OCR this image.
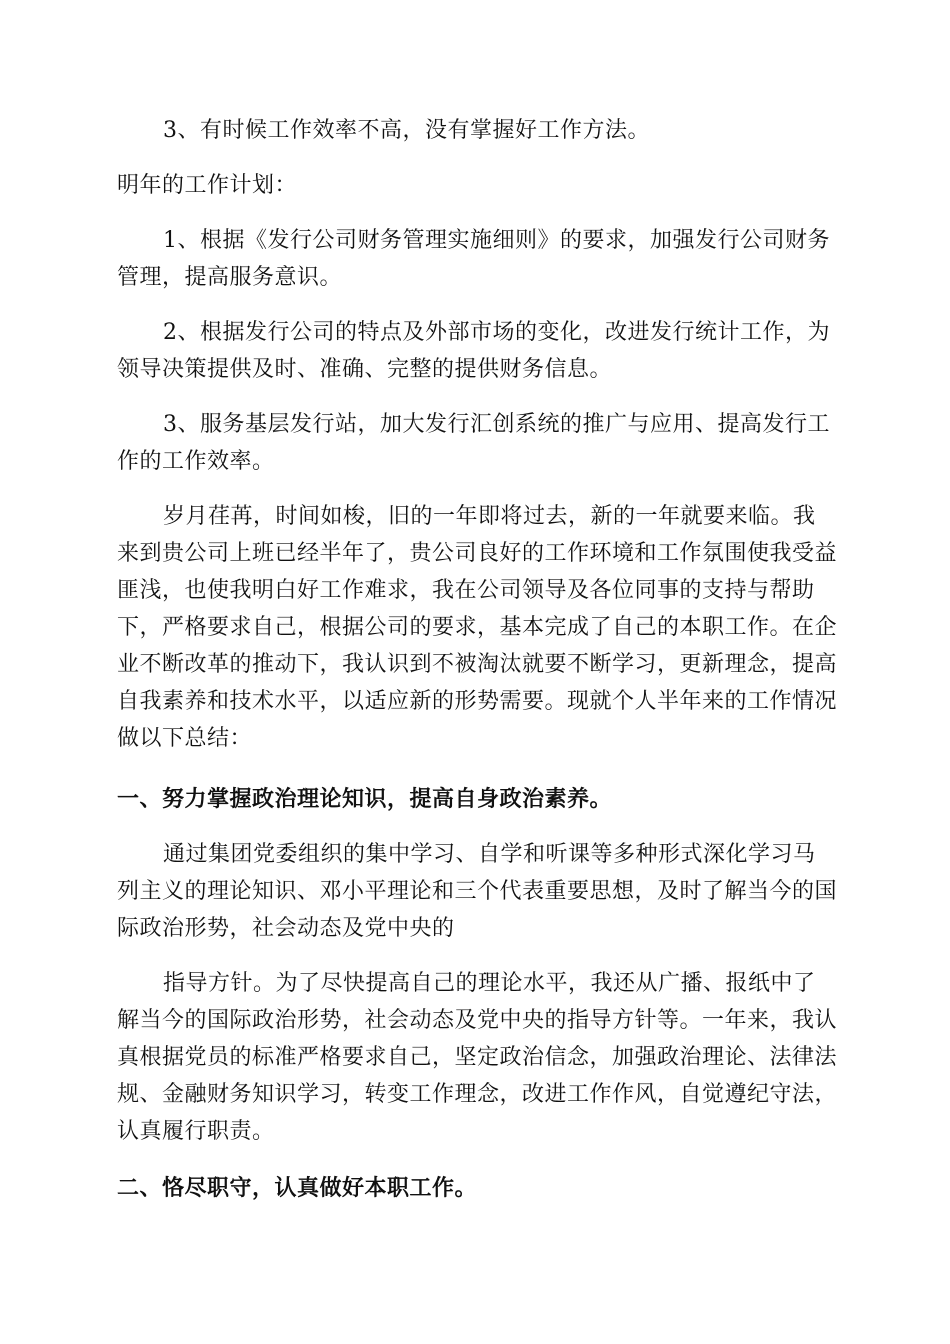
3、有时候工作效率不高，没有掌握好工作方法。

明年的工作计划：

1、根据《发行公司财务管理实施细则》的要求，加强发行公司财务管理，提高服务意识。

2、根据发行公司的特点及外部市场的变化，改进发行统计工作，为领导决策提供及时、准确、完整的提供财务信息。

3、服务基层发行站，加大发行汇创系统的推广与应用、提高发行工作的工作效率。

岁月荏苒，时间如梭，旧的一年即将过去，新的一年就要来临。我来到贵公司上班已经半年了，贵公司良好的工作环境和工作氛围使我受益匪浅，也使我明白好工作难求，我在公司领导及各位同事的支持与帮助下，严格要求自己，根据公司的要求，基本完成了自己的本职工作。在企业不断改革的推动下，我认识到不被淘汰就要不断学习，更新理念，提高自我素养和技术水平，以适应新的形势需要。现就个人半年来的工作情况做以下总结：

一、努力掌握政治理论知识，提高自身政治素养。

通过集团党委组织的集中学习、自学和听课等多种形式深化学习马列主义的理论知识、邓小平理论和三个代表重要思想，及时了解当今的国际政治形势，社会动态及党中央的

指导方针。为了尽快提高自己的理论水平，我还从广播、报纸中了解当今的国际政治形势，社会动态及党中央的指导方针等。一年来，我认真根据党员的标准严格要求自己，坚定政治信念，加强政治理论、法律法规、金融财务知识学习，转变工作理念，改进工作作风，自觉遵纪守法，认真履行职责。

二、恪尽职守，认真做好本职工作。
